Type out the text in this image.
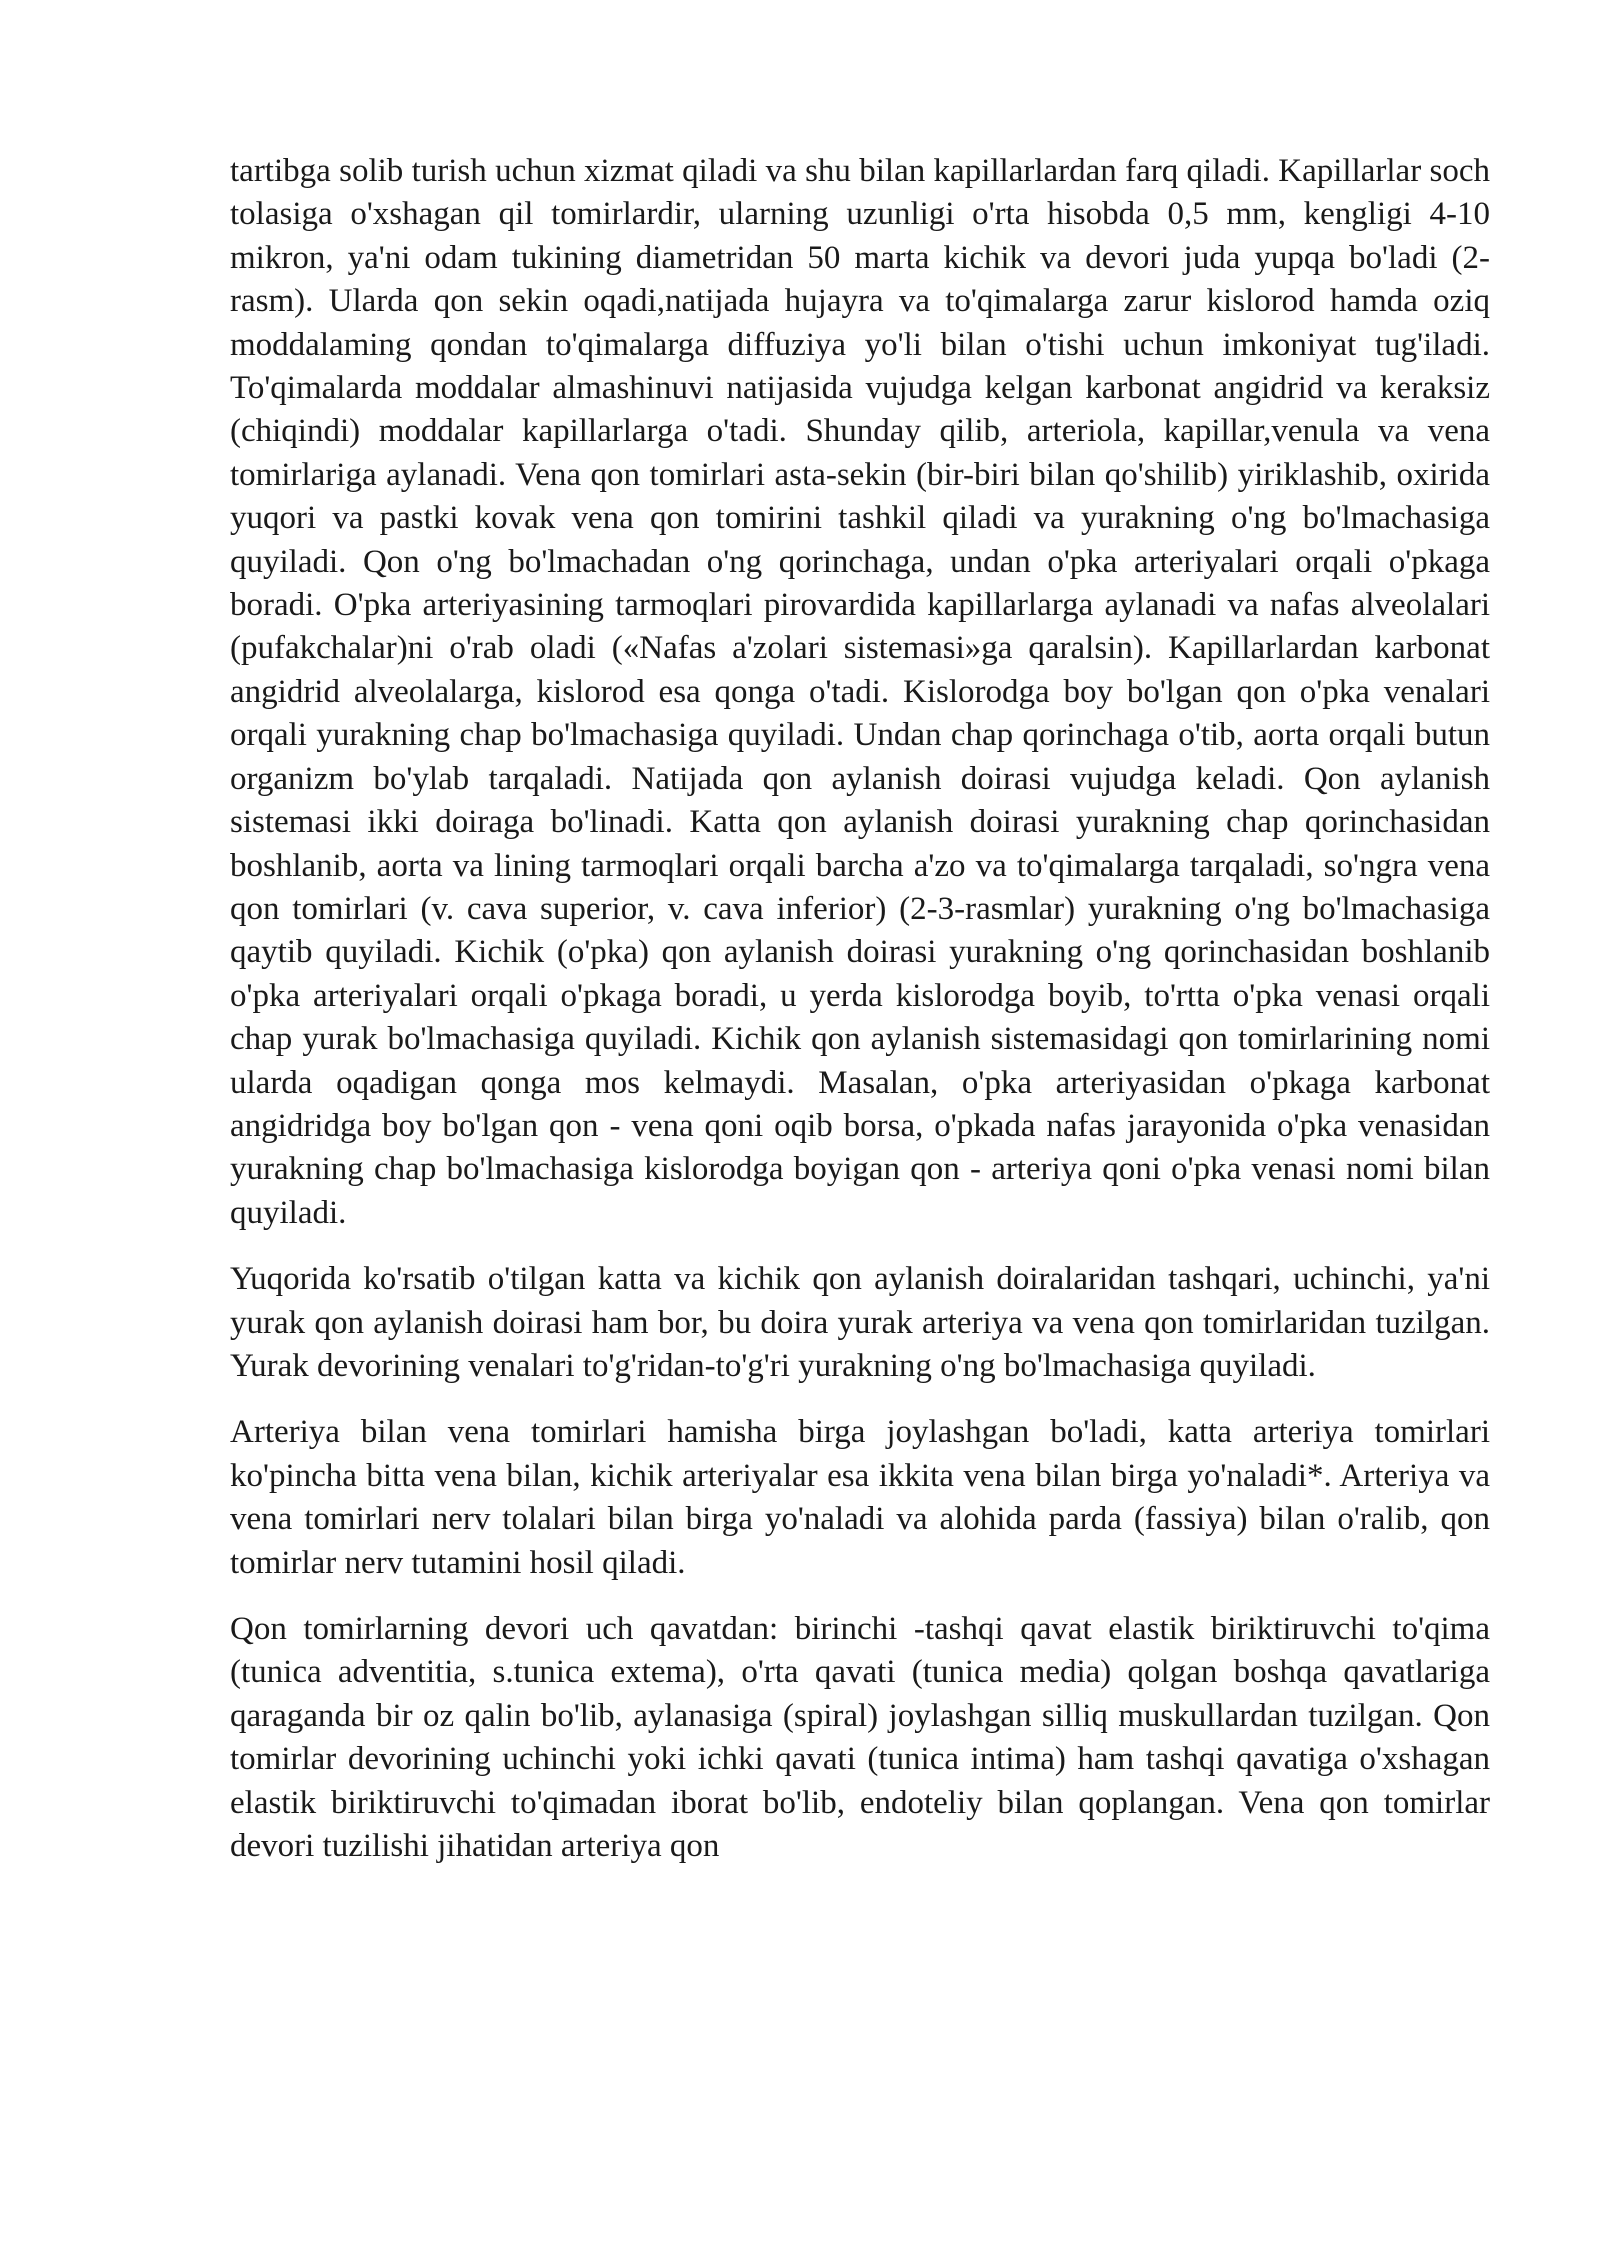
tartibga solib turish uchun xizmat qiladi va shu bilan kapillarlardan farq qiladi. Kapillarlar soch tolasiga o'xshagan qil tomirlardir, ularning uzunligi o'rta hisobda 0,5 mm, kengligi 4-10 mikron, ya'ni odam tukining diametridan 50 marta kichik va devori juda yupqa bo'ladi (2-rasm). Ularda qon sekin oqadi,natijada hujayra va to'qimalarga zarur kislorod hamda oziq moddalaming qondan to'qimalarga diffuziya yo'li bilan o'tishi uchun imkoniyat tug'iladi. To'qimalarda moddalar almashinuvi natijasida vujudga kelgan karbonat angidrid va keraksiz (chiqindi) moddalar kapillarlarga o'tadi. Shunday qilib, arteriola, kapillar,venula va vena tomirlariga aylanadi. Vena qon tomirlari asta-sekin (bir-biri bilan qo'shilib) yiriklashib, oxirida yuqori va pastki kovak vena qon tomirini tashkil qiladi va yurakning o'ng bo'lmachasiga quyiladi. Qon o'ng bo'lmachadan o'ng qorinchaga, undan o'pka arteriyalari orqali o'pkaga boradi. O'pka arteriyasining tarmoqlari pirovardida kapillarlarga aylanadi va nafas alveolalari (pufakchalar)ni o'rab oladi («Nafas a'zolari sistemasi»ga qaralsin). Kapillarlardan karbonat angidrid alveolalarga, kislorod esa qonga o'tadi. Kislorodga boy bo'lgan qon o'pka venalari orqali yurakning chap bo'lmachasiga quyiladi. Undan chap qorinchaga o'tib, aorta orqali butun organizm bo'ylab tarqaladi. Natijada qon aylanish doirasi vujudga keladi. Qon aylanish sistemasi ikki doiraga bo'linadi. Katta qon aylanish doirasi yurakning chap qorinchasidan boshlanib, aorta va lining tarmoqlari orqali barcha a'zo va to'qimalarga tarqaladi, so'ngra vena qon tomirlari (v. cava superior, v. cava inferior) (2-3-rasmlar) yurakning o'ng bo'lmachasiga qaytib quyiladi. Kichik (o'pka) qon aylanish doirasi yurakning o'ng qorinchasidan boshlanib o'pka arteriyalari orqali o'pkaga boradi, u yerda kislorodga boyib, to'rtta o'pka venasi orqali chap yurak bo'lmachasiga quyiladi. Kichik qon aylanish sistemasidagi qon tomirlarining nomi ularda oqadigan qonga mos kelmaydi. Masalan, o'pka arteriyasidan o'pkaga karbonat angidridga boy bo'lgan qon - vena qoni oqib borsa, o'pkada nafas jarayonida o'pka venasidan yurakning chap bo'lmachasiga kislorodga boyigan qon - arteriya qoni o'pka venasi nomi bilan quyiladi.

Yuqorida ko'rsatib o'tilgan katta va kichik qon aylanish doiralaridan tashqari, uchinchi, ya'ni yurak qon aylanish doirasi ham bor, bu doira yurak arteriya va vena qon tomirlaridan tuzilgan. Yurak devorining venalari to'g'ridan-to'g'ri yurakning o'ng bo'lmachasiga quyiladi.

Arteriya bilan vena tomirlari hamisha birga joylashgan bo'ladi, katta arteriya tomirlari ko'pincha bitta vena bilan, kichik arteriyalar esa ikkita vena bilan birga yo'naladi*. Arteriya va vena tomirlari nerv tolalari bilan birga yo'naladi va alohida parda (fassiya) bilan o'ralib, qon tomirlar nerv tutamini hosil qiladi.

Qon tomirlarning devori uch qavatdan: birinchi -tashqi qavat elastik biriktiruvchi to'qima (tunica adventitia, s.tunica extema), o'rta qavati (tunica media) qolgan boshqa qavatlariga qaraganda bir oz qalin bo'lib, aylanasiga (spiral) joylashgan silliq muskullardan tuzilgan. Qon tomirlar devorining uchinchi yoki ichki qavati (tunica intima) ham tashqi qavatiga o'xshagan elastik biriktiruvchi to'qimadan iborat bo'lib, endoteliy bilan qoplangan. Vena qon tomirlar devori tuzilishi jihatidan arteriya qon
